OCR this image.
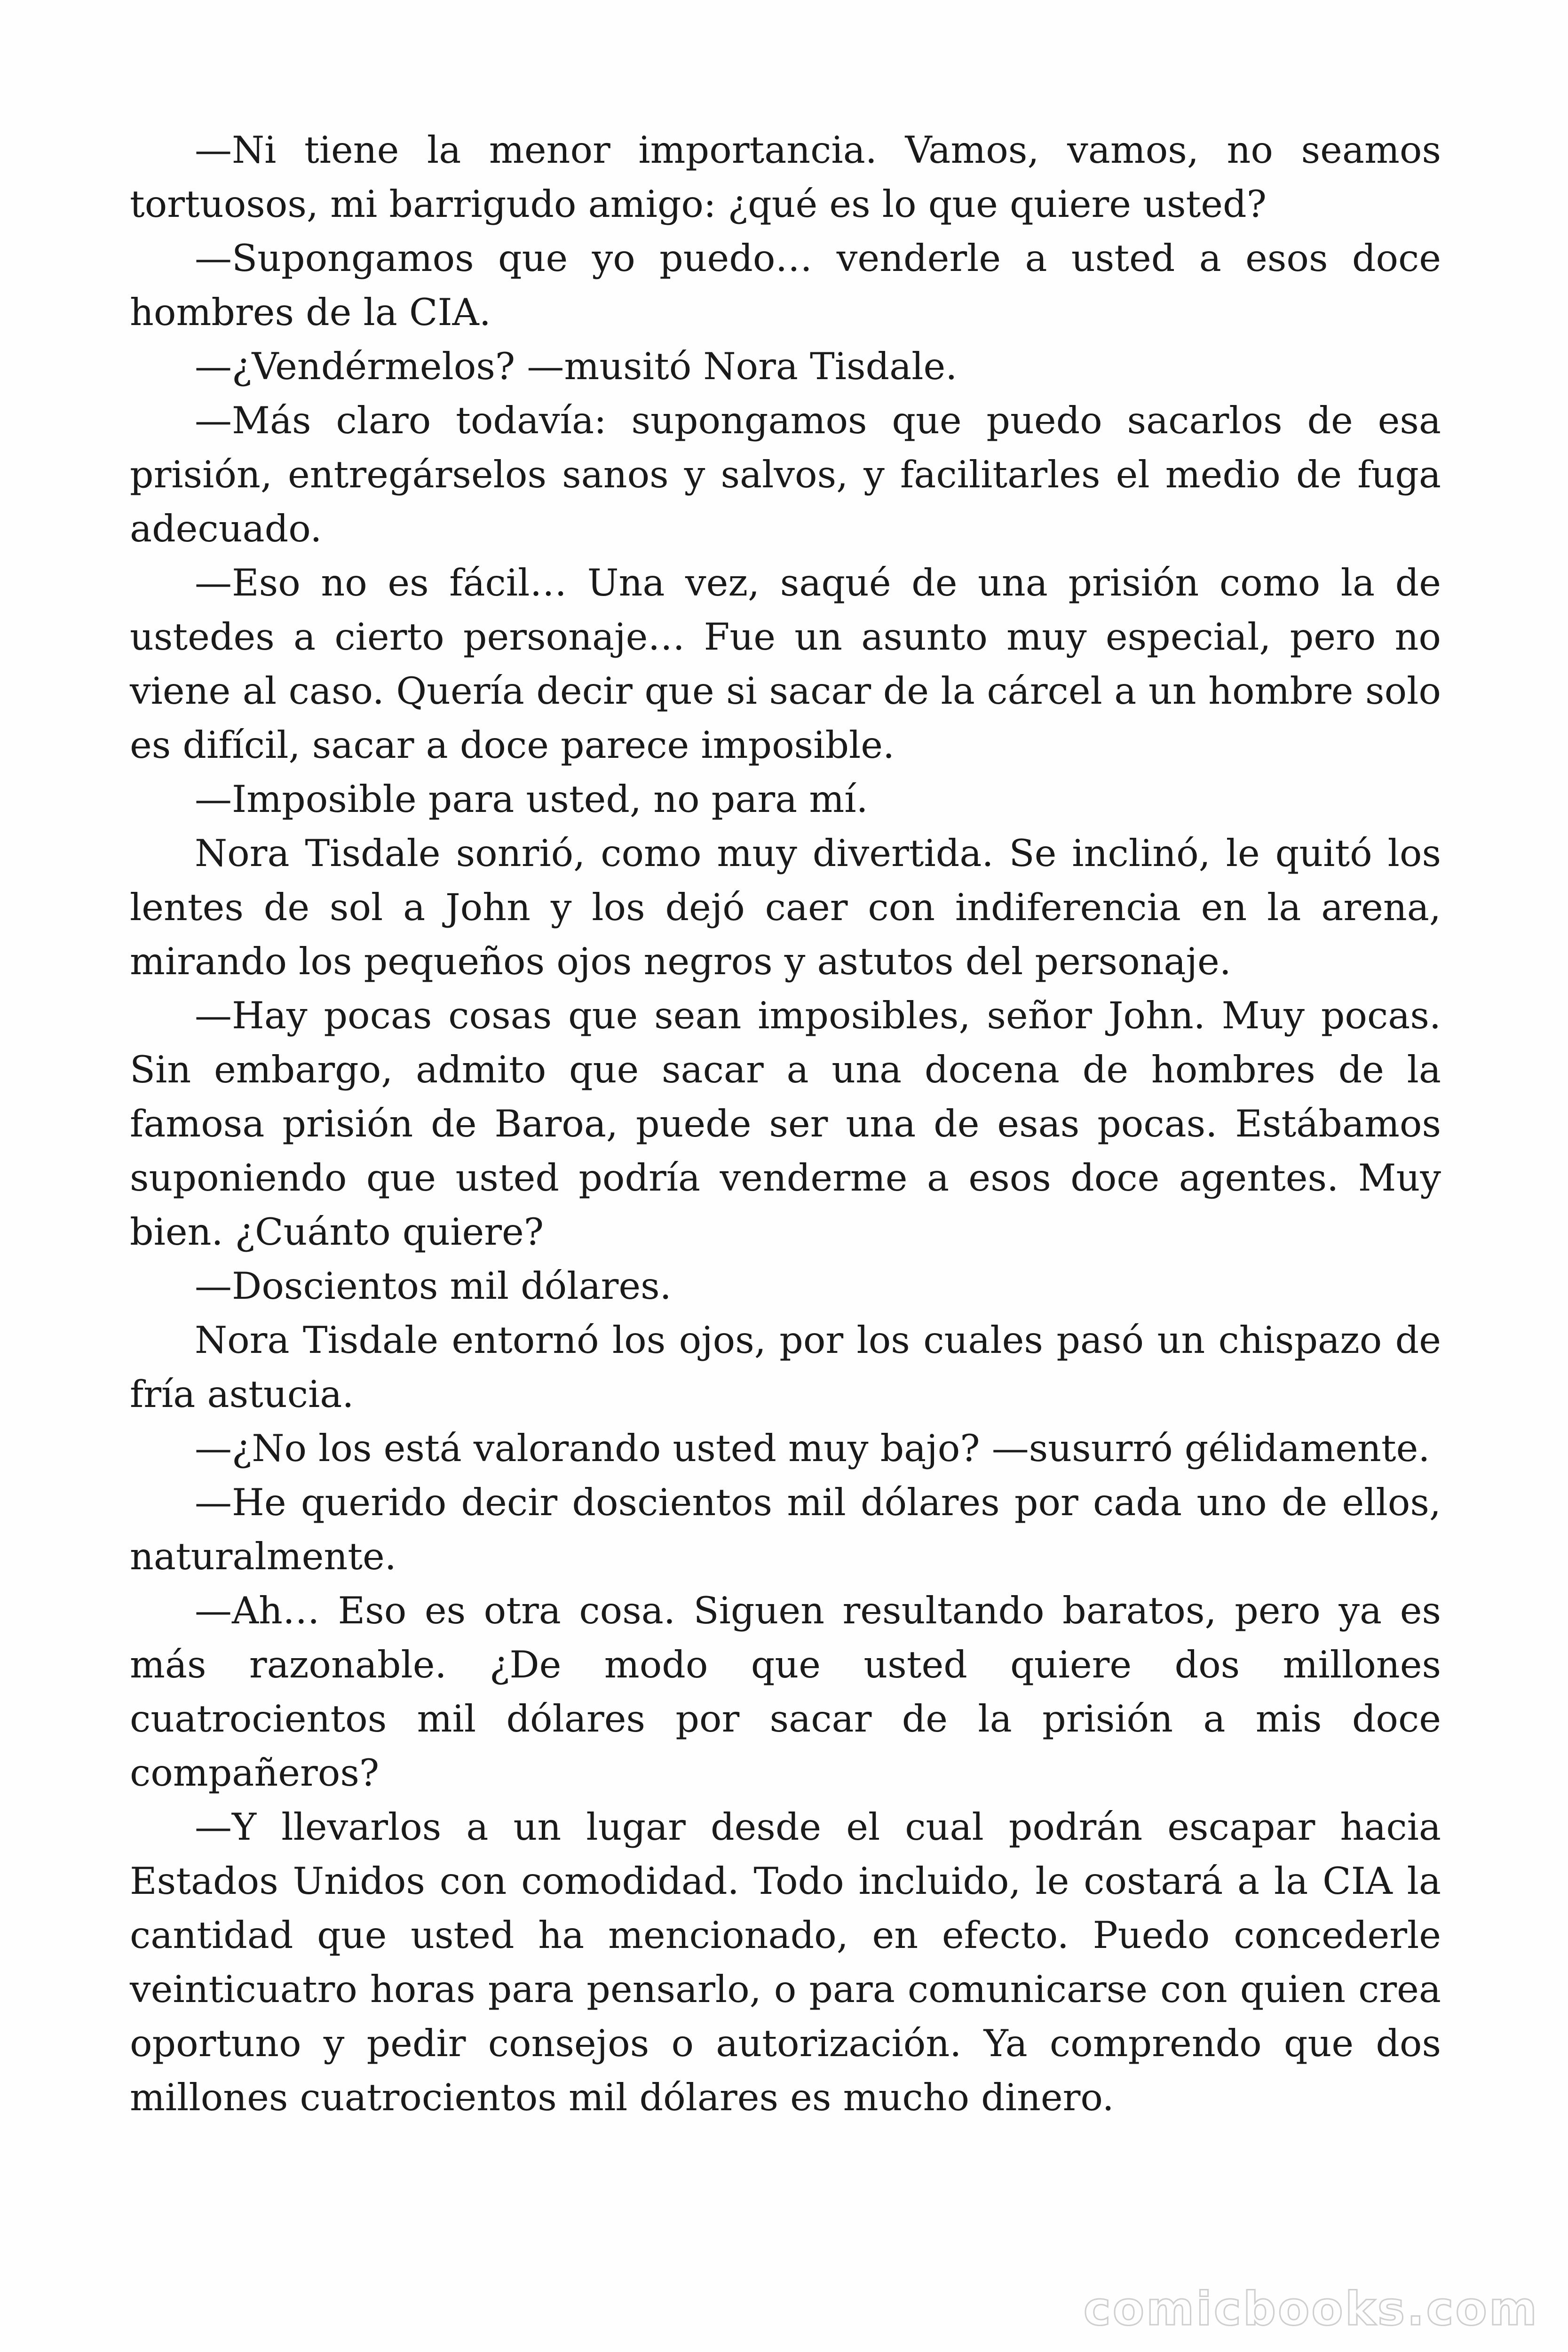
—Ni tiene la menor importancia. Vamos, vamos, no seamos tortuosos, mi barrigudo amigo: ¿qué es lo que quiere usted?

—Supongamos que yo puedo… venderle a usted a esos doce hombres de la CIA.

—¿Vendérmelos? —musitó Nora Tisdale.

—Más claro todavía: supongamos que puedo sacarlos de esa prisión, entregárselos sanos y salvos, y facilitarles el medio de fuga adecuado.

—Eso no es fácil… Una vez, saqué de una prisión como la de ustedes a cierto personaje… Fue un asunto muy especial, pero no viene al caso. Quería decir que si sacar de la cárcel a un hombre solo es difícil, sacar a doce parece imposible.

—Imposible para usted, no para mí.

Nora Tisdale sonrió, como muy divertida. Se inclinó, le quitó los lentes de sol a John y los dejó caer con indiferencia en la arena, mirando los pequeños ojos negros y astutos del personaje.

—Hay pocas cosas que sean imposibles, señor John. Muy pocas. Sin embargo, admito que sacar a una docena de hombres de la famosa prisión de Baroa, puede ser una de esas pocas. Estábamos suponiendo que usted podría venderme a esos doce agentes. Muy bien. ¿Cuánto quiere?

—Doscientos mil dólares.

Nora Tisdale entornó los ojos, por los cuales pasó un chispazo de fría astucia.

—¿No los está valorando usted muy bajo? —susurró gélidamente.

—He querido decir doscientos mil dólares por cada uno de ellos, naturalmente.

—Ah… Eso es otra cosa. Siguen resultando baratos, pero ya es más razonable. ¿De modo que usted quiere dos millones cuatrocientos mil dólares por sacar de la prisión a mis doce compañeros?

—Y llevarlos a un lugar desde el cual podrán escapar hacia Estados Unidos con comodidad. Todo incluido, le costará a la CIA la cantidad que usted ha mencionado, en efecto. Puedo concederle veinticuatro horas para pensarlo, o para comunicarse con quien crea oportuno y pedir consejos o autorización. Ya comprendo que dos millones cuatrocientos mil dólares es mucho dinero.

comicbooks.com
